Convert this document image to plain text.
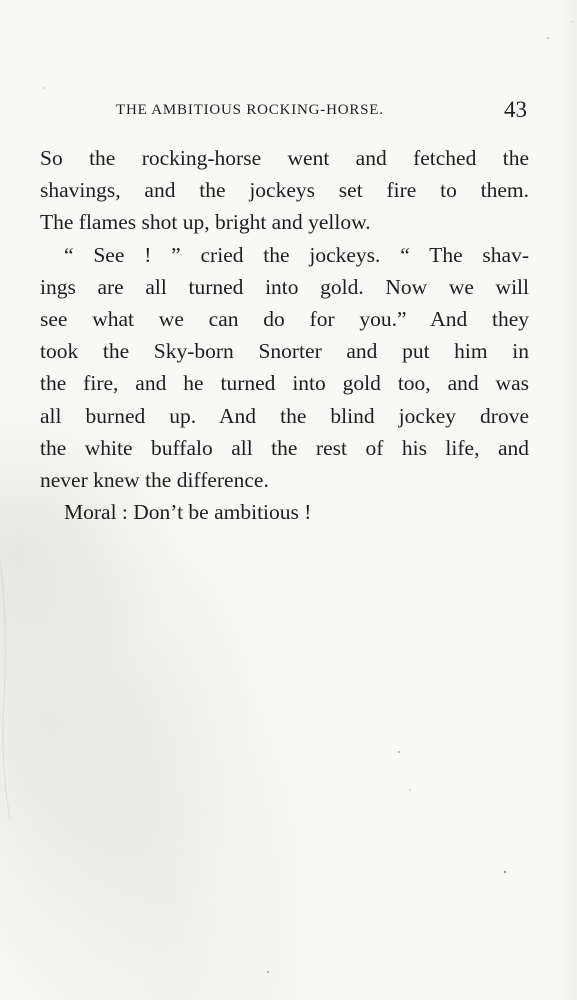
THE AMBITIOUS ROCKING-HORSE.	43
So the rocking-horse went and fetched the
shavings, and the jockeys set fire to them.
The flames shot up, bright and yellow.
“ See ! ” cried the jockeys. “ The shav-
ings are all turned into gold. Now we will
see what we can do for you.” And they
took the Sky-born Snorter and put him in
the fire, and he turned into gold too, and was
all burned up. And the blind jockey drove
the white buffalo all the rest of his life, and
never knew the difference.
Moral : Don’t be ambitious !
